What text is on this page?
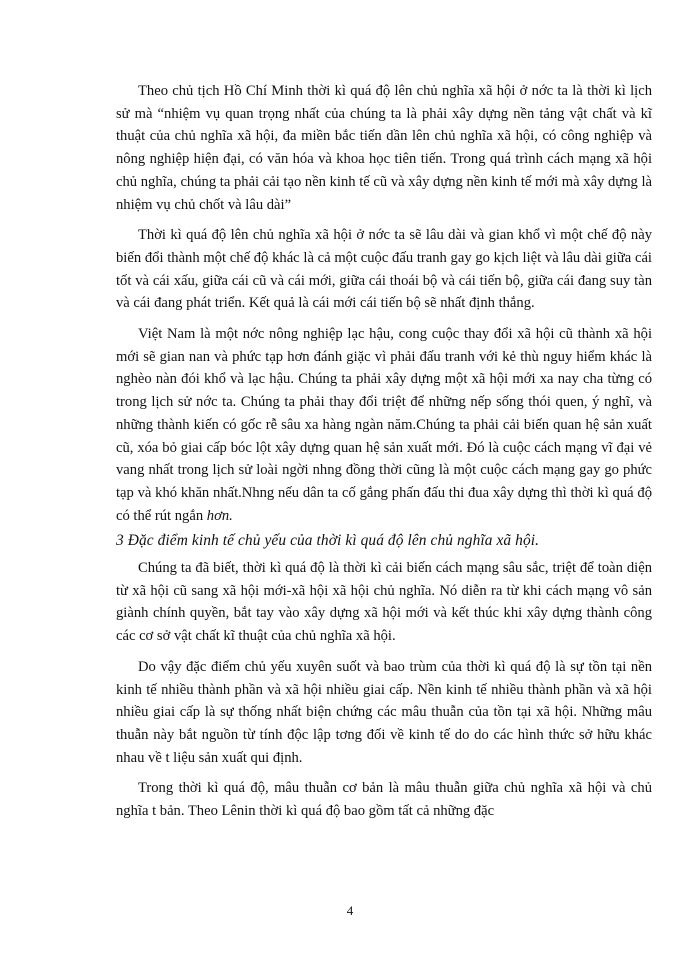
Theo chủ tịch Hồ Chí Minh thời kì quá độ lên chủ nghĩa xã hội ở nớc ta là thời kì lịch sử mà “nhiệm vụ quan trọng nhất của chúng ta là phải xây dựng nền tảng vật chất và kĩ thuật của chủ nghĩa xã hội, đa miền bắc tiến dần lên chủ nghĩa xã hội, có công nghiệp và nông nghiệp hiện đại, có văn hóa và khoa học tiên tiến. Trong quá trình cách mạng xã hội chủ nghĩa, chúng ta phải cải tạo nền kinh tế cũ và xây dựng nền kinh tế mới mà xây dựng là nhiệm vụ chủ chốt và lâu dài”

Thời kì quá độ lên chủ nghĩa xã hội ở nớc ta sẽ lâu dài và gian khổ vì một chế độ này biến đổi thành một chế độ khác là cả một cuộc đấu tranh gay go kịch liệt và lâu dài giữa cái tốt và cái xấu, giữa cái cũ và cái mới, giữa cái thoái bộ và cái tiến bộ, giữa cái đang suy tàn và cái đang phát triển. Kết quả là cái mới cái tiến bộ sẽ nhất định thắng.

Việt Nam là một nớc nông nghiệp lạc hậu, cong cuộc thay đổi xã hội cũ thành xã hội mới sẽ gian nan và phức tạp hơn đánh giặc vì phải đấu tranh với kẻ thù nguy hiểm khác là nghèo nàn đói khổ và lạc hậu. Chúng ta phải xây dựng một xã hội mới xa nay cha từng có trong lịch sử nớc ta. Chúng ta phải thay đổi triệt để những nếp sống thói quen, ý nghĩ, và những thành kiến có gốc rễ sâu xa hàng ngàn năm.Chúng ta phải cải biến quan hệ sản xuất cũ, xóa bỏ giai cấp bóc lột xây dựng quan hệ sản xuất mới. Đó là cuộc cách mạng vĩ đại vẻ vang nhất trong lịch sử loài ngời nhng đồng thời cũng là một cuộc cách mạng gay go phức tạp và khó khăn nhất.Nhng nếu dân ta cố gắng phấn đấu thi đua xây dựng thì thời kì quá độ có thể rút ngắn hơn.

3 Đặc điểm kinh tế chủ yếu của thời kì quá độ lên chủ nghĩa xã hội.

Chúng ta đã biết, thời kì quá độ là thời kì cải biến cách mạng sâu sắc, triệt để toàn diện từ xã hội cũ sang xã hội mới-xã hội xã hội chủ nghĩa. Nó diễn ra từ khi cách mạng vô sản giành chính quyền, bắt tay vào xây dựng xã hội mới và kết thúc khi xây dựng thành công các cơ sở vật chất kĩ thuật của chủ nghĩa xã hội.

Do vậy đặc điểm chủ yếu xuyên suốt và bao trùm của thời kì quá độ là sự tồn tại nền kinh tế nhiều thành phần và xã hội nhiều giai cấp. Nền kinh tế nhiều thành phần và xã hội nhiều giai cấp là sự thống nhất biện chứng các mâu thuẫn của tồn tại xã hội. Những mâu thuẫn này bắt nguồn từ tính độc lập tơng đối về kinh tế do do các hình thức sở hữu khác nhau về t liệu sản xuất qui định.

Trong thời kì quá độ, mâu thuẫn cơ bản là mâu thuẫn giữa chủ nghĩa xã hội và chủ nghĩa t bản. Theo Lênin thời kì quá độ bao gồm tất cả những đặc

4
